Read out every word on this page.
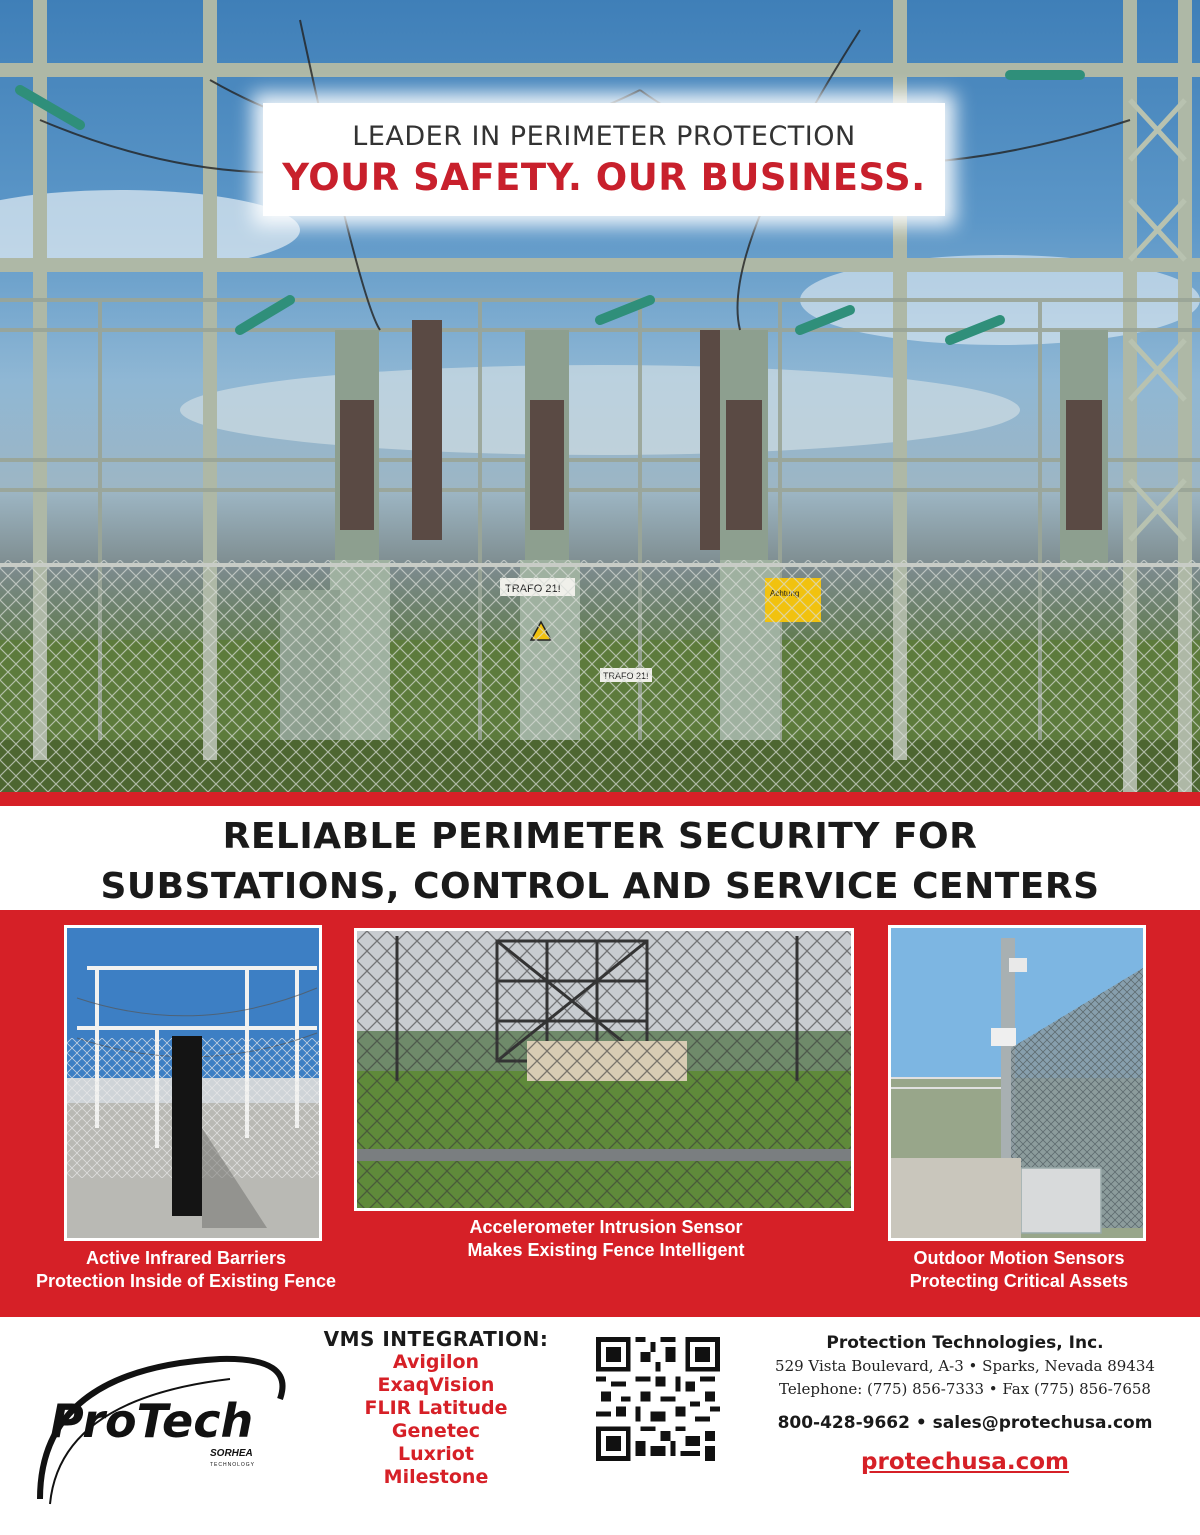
LEADER IN PERIMETER PROTECTION
YOUR SAFETY. OUR BUSINESS.
RELIABLE PERIMETER SECURITY FOR
SUBSTATIONS, CONTROL AND SERVICE CENTERS
Active Infrared Barriers
Protection Inside of Existing Fence
Accelerometer Intrusion Sensor
Makes Existing Fence Intelligent	Outdoor Motion Sensors
Protecting Critical Assets
ProTech
SORHEA
TECHNOLOGY
VMS INTEGRATION:
Avigilon
ExaqVision
FLIR Latitude
Genetec
Luxriot
Milestone
Protection Technologies, Inc.
529 Vista Boulevard, A-3 • Sparks, Nevada 89434
Telephone: (775) 856-7333 • Fax (775) 856-7658
800-428-9662 • sales@protechusa.com
protechusa.com
